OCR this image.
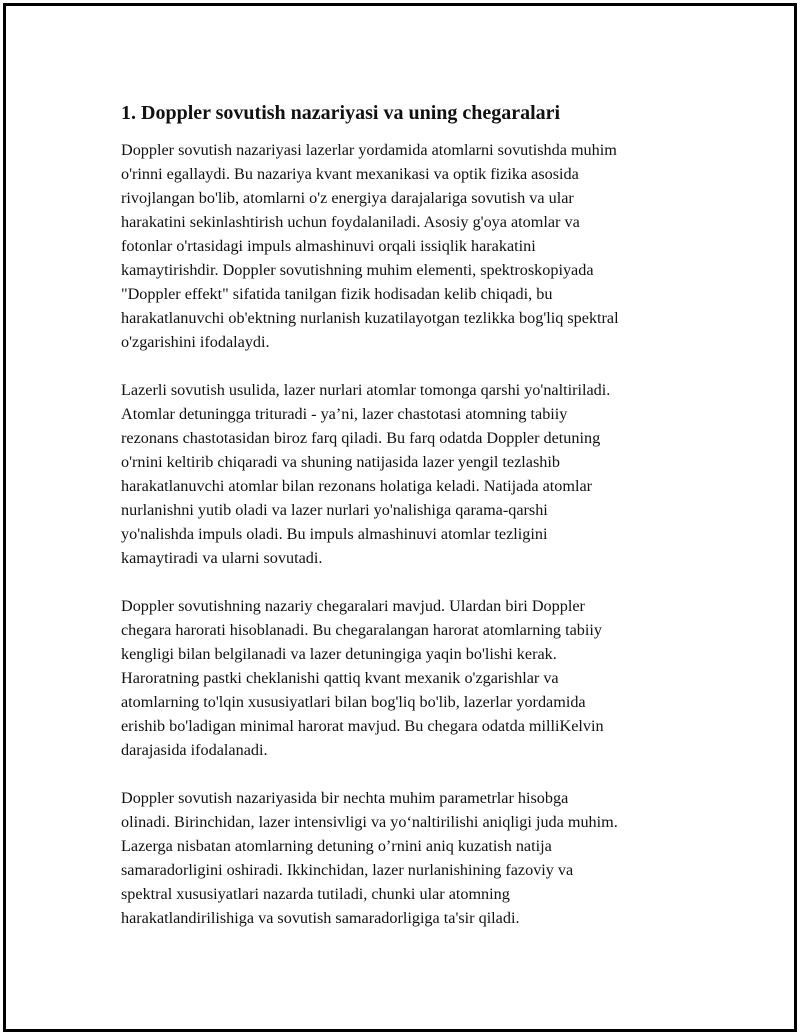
1. Doppler sovutish nazariyasi va uning chegaralari
Doppler sovutish nazariyasi lazerlar yordamida atomlarni sovutishda muhim
o'rinni egallaydi. Bu nazariya kvant mexanikasi va optik fizika asosida
rivojlangan bo'lib, atomlarni o'z energiya darajalariga sovutish va ular
harakatini sekinlashtirish uchun foydalaniladi. Asosiy g'oya atomlar va
fotonlar o'rtasidagi impuls almashinuvi orqali issiqlik harakatini
kamaytirishdir. Doppler sovutishning muhim elementi, spektroskopiyada
"Doppler effekt" sifatida tanilgan fizik hodisadan kelib chiqadi, bu
harakatlanuvchi ob'ektning nurlanish kuzatilayotgan tezlikka bog'liq spektral
o'zgarishini ifodalaydi.
Lazerli sovutish usulida, lazer nurlari atomlar tomonga qarshi yo'naltiriladi.
Atomlar detuningga trituradi - ya’ni, lazer chastotasi atomning tabiiy
rezonans chastotasidan biroz farq qiladi. Bu farq odatda Doppler detuning
o'rnini keltirib chiqaradi va shuning natijasida lazer yengil tezlashib
harakatlanuvchi atomlar bilan rezonans holatiga keladi. Natijada atomlar
nurlanishni yutib oladi va lazer nurlari yo'nalishiga qarama-qarshi
yo'nalishda impuls oladi. Bu impuls almashinuvi atomlar tezligini
kamaytiradi va ularni sovutadi.
Doppler sovutishning nazariy chegaralari mavjud. Ulardan biri Doppler
chegara harorati hisoblanadi. Bu chegaralangan harorat atomlarning tabiiy
kengligi bilan belgilanadi va lazer detuningiga yaqin bo'lishi kerak.
Haroratning pastki cheklanishi qattiq kvant mexanik o'zgarishlar va
atomlarning to'lqin xususiyatlari bilan bog'liq bo'lib, lazerlar yordamida
erishib bo'ladigan minimal harorat mavjud. Bu chegara odatda milliKelvin
darajasida ifodalanadi.
Doppler sovutish nazariyasida bir nechta muhim parametrlar hisobga
olinadi. Birinchidan, lazer intensivligi va yo‘naltirilishi aniqligi juda muhim.
Lazerga nisbatan atomlarning detuning o’rnini aniq kuzatish natija
samaradorligini oshiradi. Ikkinchidan, lazer nurlanishining fazoviy va
spektral xususiyatlari nazarda tutiladi, chunki ular atomning
harakatlandirilishiga va sovutish samaradorligiga ta'sir qiladi.
